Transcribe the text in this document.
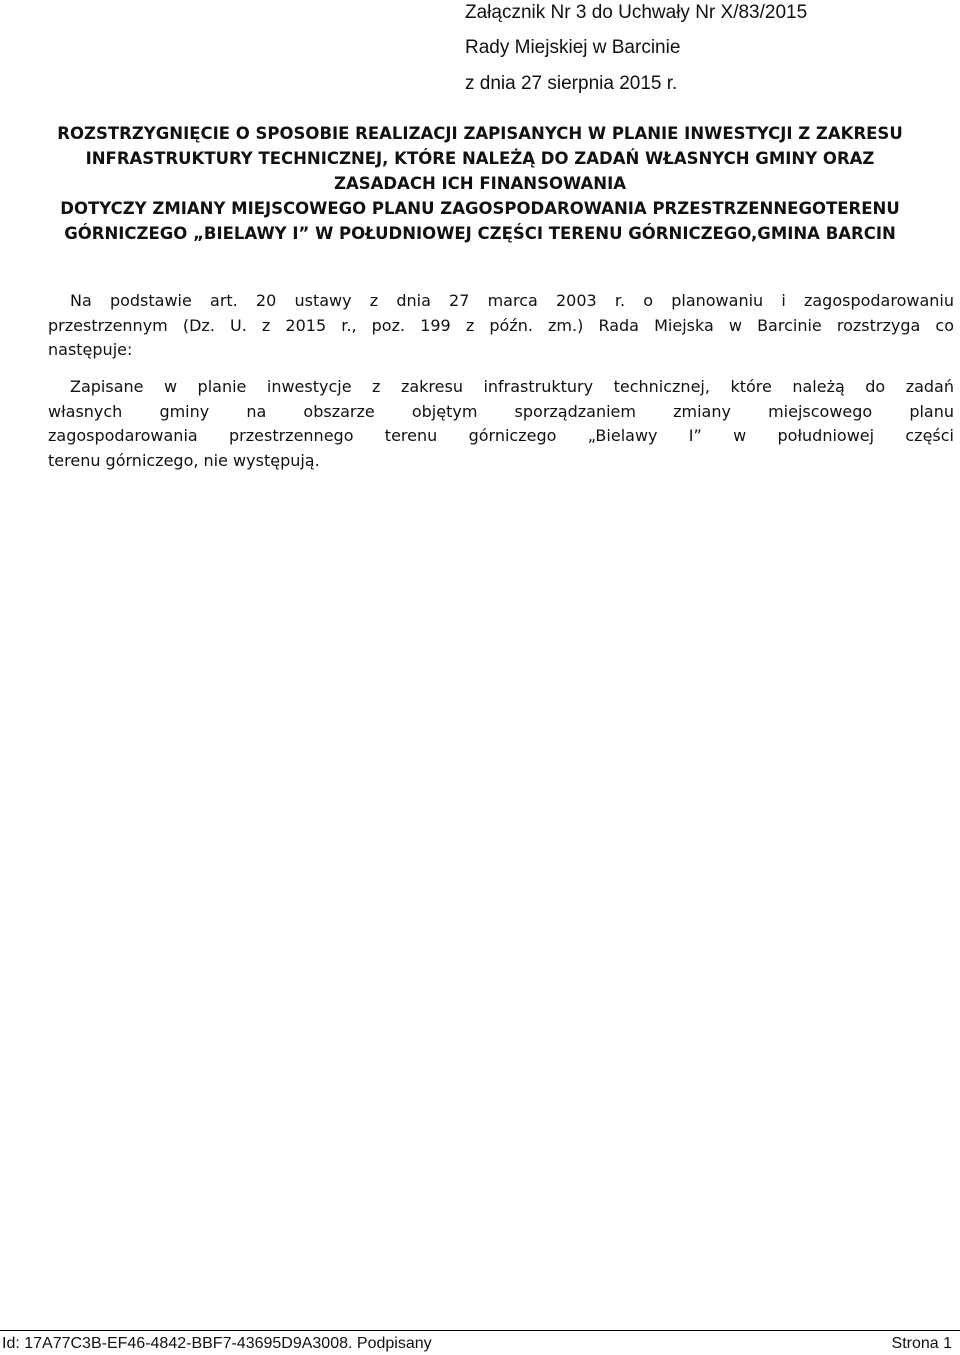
Załącznik Nr 3 do Uchwały Nr X/83/2015
Rady Miejskiej w Barcinie
z dnia 27 sierpnia 2015 r.
ROZSTRZYGNIĘCIE O SPOSOBIE REALIZACJI ZAPISANYCH W PLANIE INWESTYCJI Z ZAKRESU
INFRASTRUKTURY TECHNICZNEJ, KTÓRE NALEŻĄ DO ZADAŃ WŁASNYCH GMINY ORAZ
ZASADACH ICH FINANSOWANIA
DOTYCZY ZMIANY MIEJSCOWEGO PLANU ZAGOSPODAROWANIA PRZESTRZENNEGOTERENU
GÓRNICZEGO „BIELAWY I” W POŁUDNIOWEJ CZĘŚCI TERENU GÓRNICZEGO,GMINA BARCIN
Na podstawie art. 20 ustawy z dnia 27 marca 2003 r. o planowaniu i zagospodarowaniu
przestrzennym (Dz. U. z 2015 r., poz. 199 z późn. zm.) Rada Miejska w Barcinie rozstrzyga co
następuje:
Zapisane w planie inwestycje z zakresu infrastruktury technicznej, które należą do zadań
własnych gminy na obszarze objętym sporządzaniem zmiany miejscowego planu
zagospodarowania przestrzennego terenu górniczego „Bielawy I” w południowej części
terenu górniczego, nie występują.
Id: 17A77C3B-EF46-4842-BBF7-43695D9A3008. Podpisany	Strona 1
